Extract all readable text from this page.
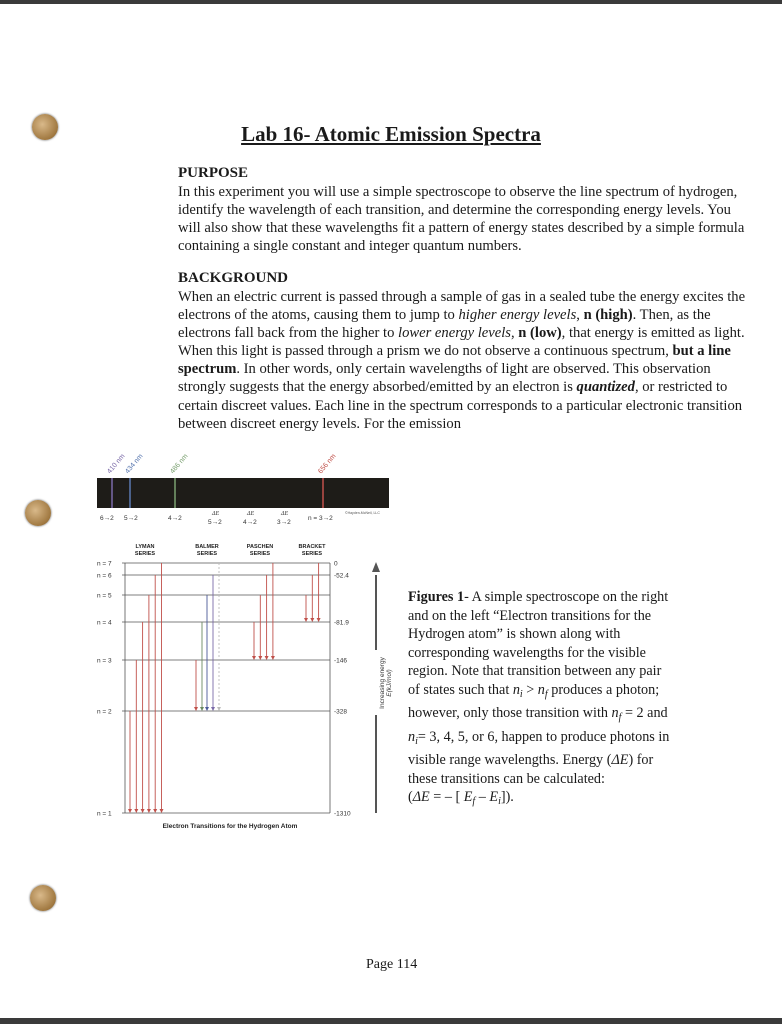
Lab 16- Atomic Emission Spectra
PURPOSE
In this experiment you will use a simple spectroscope to observe the line spectrum of hydrogen,
identify the wavelength of each transition, and determine the corresponding energy levels. You
will also show that these wavelengths fit a pattern of energy states described by a simple formula
containing a single constant and integer quantum numbers.
BACKGROUND
When an electric current is passed through a sample of gas in a sealed tube the energy excites the
electrons of the atoms, causing them to jump to higher energy levels, n (high). Then, as the
electrons fall back from the higher to lower energy levels, n (low), that energy is emitted as light.
When this light is passed through a prism we do not observe a continuous spectrum, but a line
spectrum. In other words, only certain wavelengths of light are observed. This observation
strongly suggests that the energy absorbed/emitted by an electron is quantized, or restricted to
certain discreet values. Each line in the spectrum corresponds to a particular electronic transition
between discreet energy levels. For the emission
410 nm
434 nm	486 nm	656 nm
6→2 5→2	4→2	n = 3→2
ΔE
5→2
ΔE
4→2
ΔE
3→2
©Hayden-McNeil, LLC
LYMAN
SERIES
BALMER
SERIES
PASCHEN
SERIES
BRACKET
SERIES
n = 7	0
n = 6	-52.4
n = 5
n = 4	-81.9
n = 3	-146
n = 2	-328
n = 1	-1310
Electron Transitions for the Hydrogen Atom
Increasing energy E(kJ/mol)
Figures 1- A simple spectroscope on the right
and on the left “Electron transitions for the
Hydrogen atom” is shown along with
corresponding wavelengths for the visible
region. Note that transition between any pair
of states such that $n_i > n_f$ produces a photon;
however, only those transition with $n_f = 2$ and
$n_i= 3$, 4, 5, or 6, happen to produce photons in
visible range wavelengths. Energy (ΔE) for
these transitions can be calculated:
(ΔE = – [ $E_f - E_i$]).
Page 114
